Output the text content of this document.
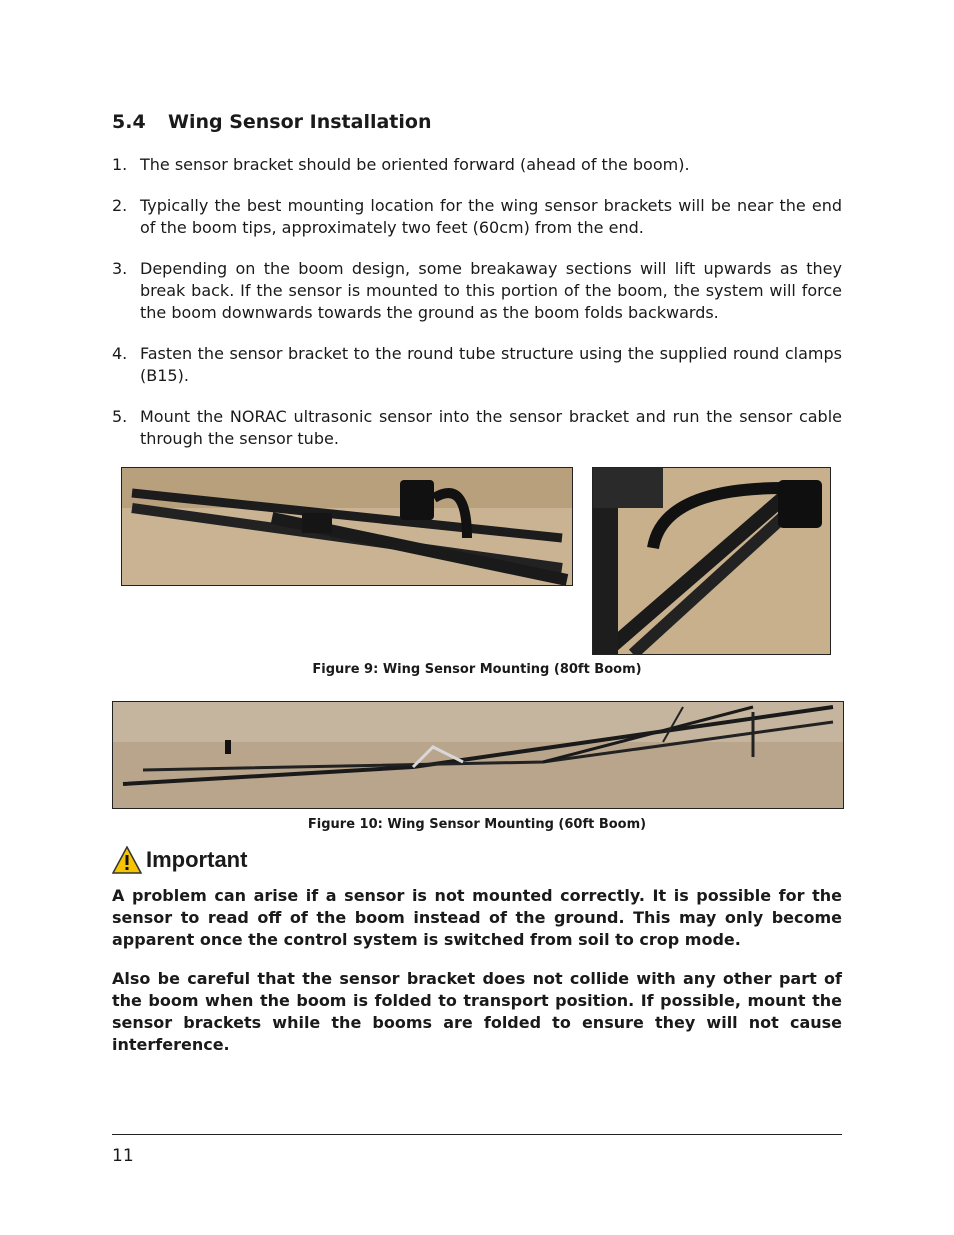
5.4 Wing Sensor Installation
1. The sensor bracket should be oriented forward (ahead of the boom).
2. Typically the best mounting location for the wing sensor brackets will be near the end of the boom tips, approximately two feet (60cm) from the end.
3. Depending on the boom design, some breakaway sections will lift upwards as they break back. If the sensor is mounted to this portion of the boom, the system will force the boom downwards towards the ground as the boom folds backwards.
4. Fasten the sensor bracket to the round tube structure using the supplied round clamps (B15).
5. Mount the NORAC ultrasonic sensor into the sensor bracket and run the sensor cable through the sensor tube.
Figure 9: Wing Sensor Mounting (80ft Boom)
Figure 10: Wing Sensor Mounting (60ft Boom)
Important

A problem can arise if a sensor is not mounted correctly. It is possible for the sensor to read off of the boom instead of the ground. This may only become apparent once the control system is switched from soil to crop mode.

Also be careful that the sensor bracket does not collide with any other part of the boom when the boom is folded to transport position. If possible, mount the sensor brackets while the booms are folded to ensure they will not cause interference.

11
